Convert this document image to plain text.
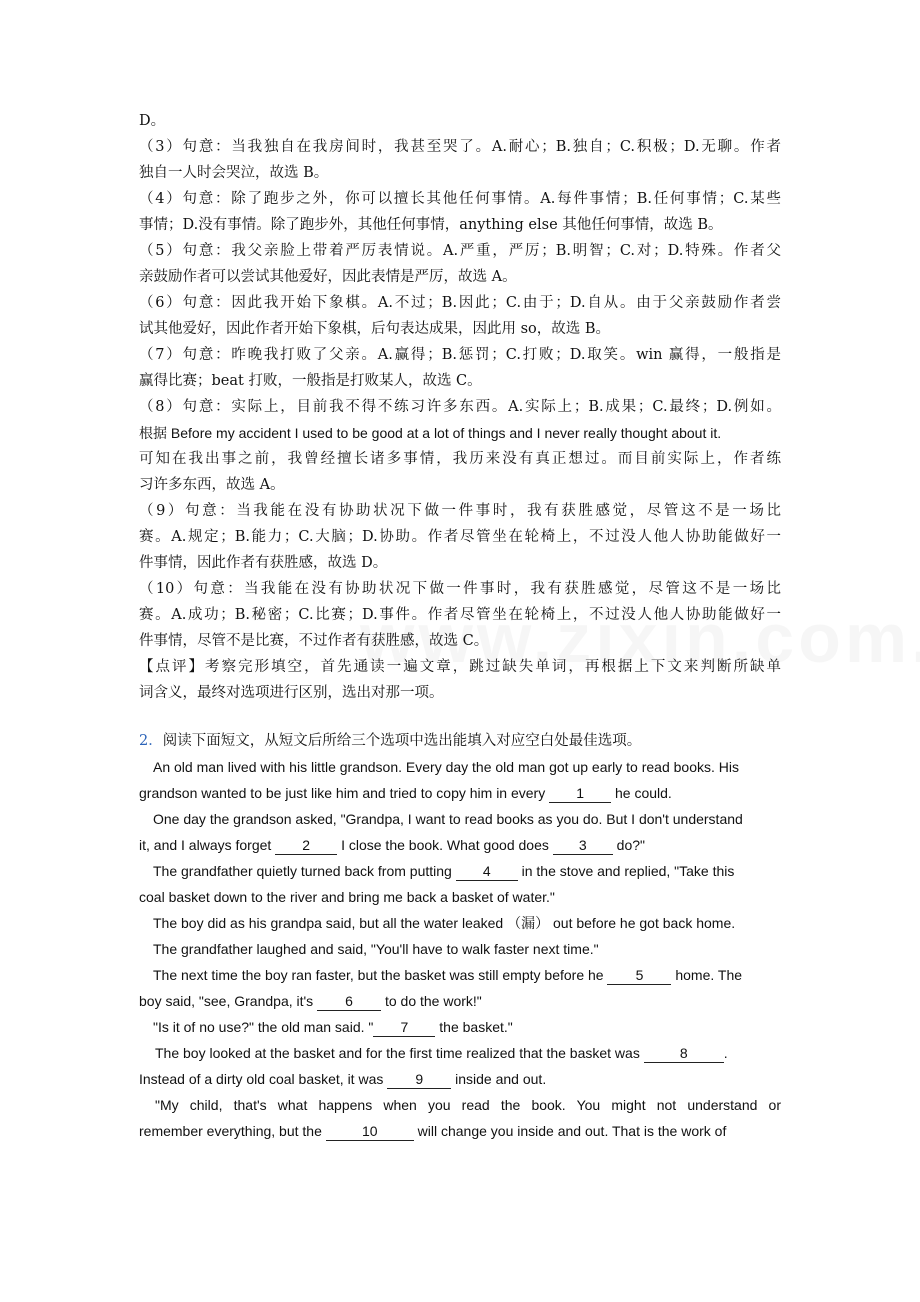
D。
（3）句意：当我独自在我房间时，我甚至哭了。A.耐心；B.独自；C.积极；D.无聊。作者
独自一人时会哭泣，故选 B。
（4）句意：除了跑步之外，你可以擅长其他任何事情。A.每件事情；B.任何事情；C.某些
事情；D.没有事情。除了跑步外，其他任何事情，anything else 其他任何事情，故选 B。
（5）句意：我父亲脸上带着严厉表情说。A.严重，严厉；B.明智；C.对；D.特殊。作者父
亲鼓励作者可以尝试其他爱好，因此表情是严厉，故选 A。
（6）句意：因此我开始下象棋。A.不过；B.因此；C.由于；D.自从。由于父亲鼓励作者尝
试其他爱好，因此作者开始下象棋，后句表达成果，因此用 so，故选 B。
（7）句意：昨晚我打败了父亲。A.赢得；B.惩罚；C.打败；D.取笑。win 赢得，一般指是
赢得比赛；beat 打败，一般指是打败某人，故选 C。
（8）句意：实际上，目前我不得不练习许多东西。A.实际上；B.成果；C.最终；D.例如。
根据 Before my accident I used to be good at a lot of things and I never really thought about it.
可知在我出事之前，我曾经擅长诸多事情，我历来没有真正想过。而目前实际上，作者练
习许多东西，故选 A。
（9）句意：当我能在没有协助状况下做一件事时，我有获胜感觉，尽管这不是一场比
赛。A.规定；B.能力；C.大脑；D.协助。作者尽管坐在轮椅上，不过没人他人协助能做好一
件事情，因此作者有获胜感，故选 D。
（10）句意：当我能在没有协助状况下做一件事时，我有获胜感觉，尽管这不是一场比
赛。A.成功；B.秘密；C.比赛；D.事件。作者尽管坐在轮椅上，不过没人他人协助能做好一
件事情，尽管不是比赛，不过作者有获胜感，故选 C。
【点评】考察完形填空，首先通读一遍文章，跳过缺失单词，再根据上下文来判断所缺单
词含义，最终对选项进行区别，选出对那一项。
2．阅读下面短文，从短文后所给三个选项中选出能填入对应空白处最佳选项。
An old man lived with his little grandson. Every day the old man got up early to read books. His
grandson wanted to be just like him and tried to copy him in every 1 he could.
One day the grandson asked, "Grandpa, I want to read books as you do. But I don't understand
it, and I always forget 2 I close the book. What good does 3 do?"
The grandfather quietly turned back from putting 4 in the stove and replied, "Take this
coal basket down to the river and bring me back a basket of water."
The boy did as his grandpa said, but all the water leaked （漏） out before he got back home.
The grandfather laughed and said, "You'll have to walk faster next time."
The next time the boy ran faster, but the basket was still empty before he 5 home. The
boy said, "see, Grandpa, it's 6 to do the work!"
"Is it of no use?" the old man said. " 7 the basket."
The boy looked at the basket and for the first time realized that the basket was	8	.
Instead of a dirty old coal basket, it was 9 inside and out.
"My child, that's what happens when you read the book. You might not understand or
remember everything, but the	10	will change you inside and out. That is the work of
